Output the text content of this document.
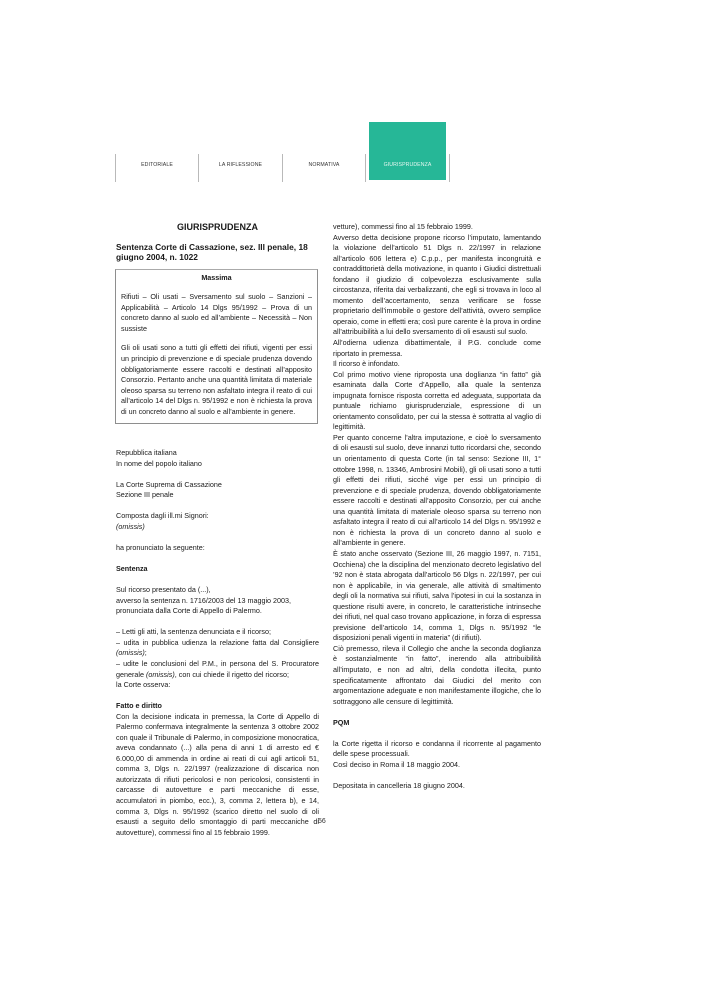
EDITORIALE	LA RIFLESSIONE	NORMATIVA	GIURISPRUDENZA
GIURISPRUDENZA
Sentenza Corte di Cassazione, sez. III penale, 18 giugno 2004, n. 1022
Massima

Rifiuti – Oli usati – Sversamento sul suolo – Sanzioni – Applicabilità – Articolo 14 Dlgs 95/1992 – Prova di un concreto danno al suolo ed all’ambiente – Necessità – Non sussiste

Gli oli usati sono a tutti gli effetti dei rifiuti, vigenti per essi un principio di prevenzione e di speciale prudenza dovendo obbligatoriamente essere raccolti e destinati all’apposito Consorzio. Pertanto anche una quantità limitata di materiale oleoso sparsa su terreno non asfaltato integra il reato di cui all’articolo 14 del Dlgs n. 95/1992 e non è richiesta la prova di un concreto danno al suolo e all’ambiente in genere.

Repubblica italiana

In nome del popolo italiano

La Corte Suprema di Cassazione

Sezione III penale

Composta dagli ill.mi Signori:

(omissis)

ha pronunciato la seguente:

Sentenza

Sul ricorso presentato da (...),

avverso la sentenza n. 1716/2003 del 13 maggio 2003,

pronunciata dalla Corte di Appello di Palermo.

– Letti gli atti, la sentenza denunciata e il ricorso;

– udita in pubblica udienza la relazione fatta dal Consigliere (omissis);

– udite le conclusioni del P.M., in persona del S. Procuratore generale (omissis), con cui chiede il rigetto del ricorso;

la Corte osserva:

Fatto e diritto

Con la decisione indicata in premessa, la Corte di Appello di Palermo confermava integralmente la sentenza 3 ottobre 2002 con quale il Tribunale di Palermo, in composizione monocratica, aveva condannato (...) alla pena di anni 1 di arresto ed € 6.000,00 di ammenda in ordine ai reati di cui agli articoli 51, comma 3, Dlgs n. 22/1997 (realizzazione di discarica non autorizzata di rifiuti pericolosi e non pericolosi, consistenti in carcasse di autovetture e parti meccaniche di esse, accumulatori in piombo, ecc.), 3, comma 2, lettera b), e 14, comma 3, Dlgs n. 95/1992 (scarico diretto nel suolo di oli esausti a seguito dello smontaggio di parti meccaniche di autovetture), commessi fino al 15 febbraio 1999.

vetture), commessi fino al 15 febbraio 1999.

Avverso detta decisione propone ricorso l’imputato, lamentando la violazione dell’articolo 51 Dlgs n. 22/1997 in relazione all’articolo 606 lettera e) C.p.p., per manifesta incongruità e contraddittorietà della motivazione, in quanto i Giudici distrettuali fondano il giudizio di colpevolezza esclusivamente sulla circostanza, riferita dai verbalizzanti, che egli si trovava in loco al momento dell’accertamento, senza verificare se fosse proprietario dell’immobile o gestore dell’attività, ovvero semplice operaio, come in effetti era; così pure carente è la prova in ordine all’attribuibilità a lui dello sversamento di oli esausti sul suolo.

All’odierna udienza dibattimentale, il P.G. conclude come riportato in premessa.

Il ricorso è infondato.

Col primo motivo viene riproposta una doglianza “in fatto” già esaminata dalla Corte d’Appello, alla quale la sentenza impugnata fornisce risposta corretta ed adeguata, supportata da puntuale richiamo giurisprudenziale, espressione di un orientamento consolidato, per cui la stessa è sottratta al vaglio di legittimità.

Per quanto concerne l’altra imputazione, e cioè lo sversamento di oli esausti sul suolo, deve innanzi tutto ricordarsi che, secondo un orientamento di questa Corte (in tal senso: Sezione III, 1° ottobre 1998, n. 13346, Ambrosini Mobili), gli oli usati sono a tutti gli effetti dei rifiuti, sicché vige per essi un principio di prevenzione e di speciale prudenza, dovendo obbligatoriamente essere raccolti e destinati all’apposito Consorzio, per cui anche una quantità limitata di materiale oleoso sparsa su terreno non asfaltato integra il reato di cui all’articolo 14 del Dlgs n. 95/1992 e non è richiesta la prova di un concreto danno al suolo e all’ambiente in genere.

È stato anche osservato (Sezione III, 26 maggio 1997, n. 7151, Occhiena) che la disciplina del menzionato decreto legislativo del ’92 non è stata abrogata dall’articolo 56 Dlgs n. 22/1997, per cui non è applicabile, in via generale, alle attività di smaltimento degli oli la normativa sui rifiuti, salva l’ipotesi in cui la sostanza in questione risulti avere, in concreto, le caratteristiche intrinseche dei rifiuti, nel qual caso trovano applicazione, in forza di espressa previsione dell’articolo 14, comma 1, Dlgs n. 95/1992 “le disposizioni penali vigenti in materia” (di rifiuti).

Ciò premesso, rileva il Collegio che anche la seconda doglianza è sostanzialmente “in fatto”, inerendo alla attribuibilità all’imputato, e non ad altri, della condotta illecita, punto specificatamente affrontato dai Giudici del merito con argomentazione adeguate e non manifestamente illogiche, che lo sottraggono alle censure di legittimità.

PQM

la Corte rigetta il ricorso e condanna il ricorrente al pagamento delle spese processuali.

Così deciso in Roma il 18 maggio 2004.

Depositata in cancelleria 18 giugno 2004.

56
